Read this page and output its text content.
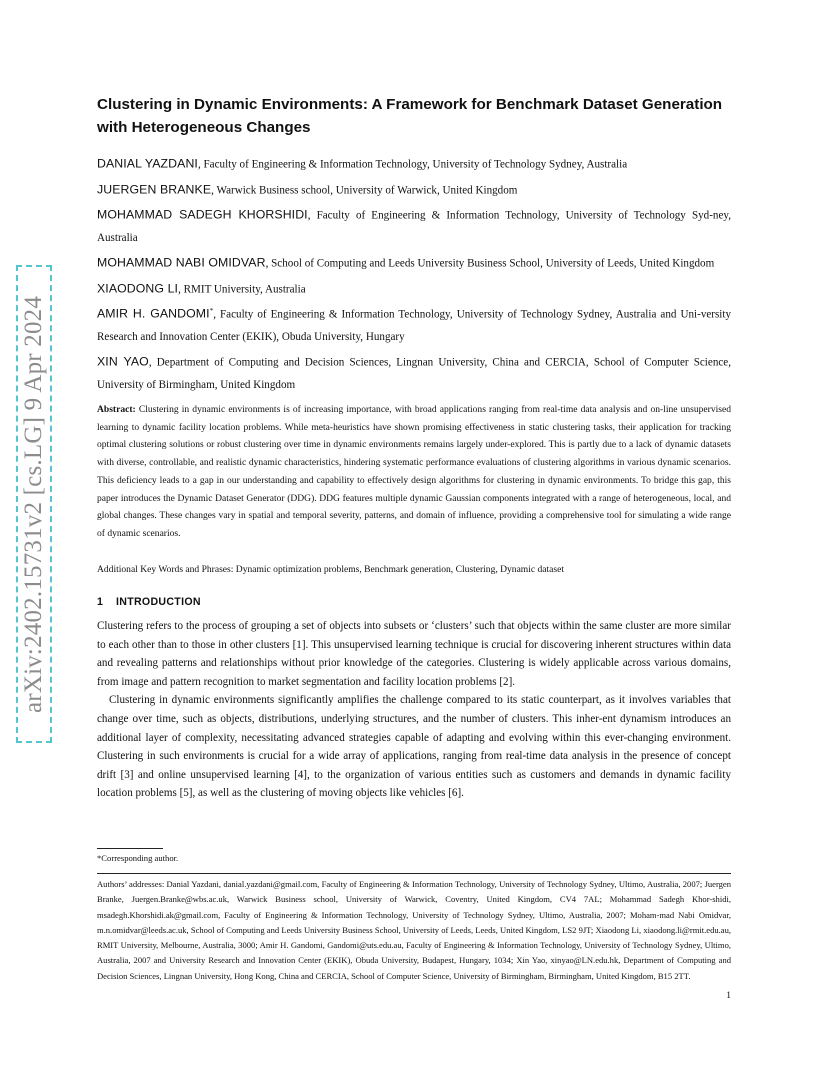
arXiv:2402.15731v2 [cs.LG] 9 Apr 2024
Clustering in Dynamic Environments: A Framework for Benchmark Dataset Generation with Heterogeneous Changes
DANIAL YAZDANI, Faculty of Engineering & Information Technology, University of Technology Sydney, Australia
JUERGEN BRANKE, Warwick Business school, University of Warwick, United Kingdom
MOHAMMAD SADEGH KHORSHIDI, Faculty of Engineering & Information Technology, University of Technology Syd-ney, Australia
MOHAMMAD NABI OMIDVAR, School of Computing and Leeds University Business School, University of Leeds, United Kingdom
XIAODONG LI, RMIT University, Australia
AMIR H. GANDOMI*, Faculty of Engineering & Information Technology, University of Technology Sydney, Australia and Uni-versity Research and Innovation Center (EKIK), Obuda University, Hungary
XIN YAO, Department of Computing and Decision Sciences, Lingnan University, China and CERCIA, School of Computer Science, University of Birmingham, United Kingdom
Abstract: Clustering in dynamic environments is of increasing importance, with broad applications ranging from real-time data analysis and on-line unsupervised learning to dynamic facility location problems. While meta-heuristics have shown promising effectiveness in static clustering tasks, their application for tracking optimal clustering solutions or robust clustering over time in dynamic environments remains largely under-explored. This is partly due to a lack of dynamic datasets with diverse, controllable, and realistic dynamic characteristics, hindering systematic performance evaluations of clustering algorithms in various dynamic scenarios. This deficiency leads to a gap in our understanding and capability to effectively design algorithms for clustering in dynamic environments. To bridge this gap, this paper introduces the Dynamic Dataset Generator (DDG). DDG features multiple dynamic Gaussian components integrated with a range of heterogeneous, local, and global changes. These changes vary in spatial and temporal severity, patterns, and domain of influence, providing a comprehensive tool for simulating a wide range of dynamic scenarios.
Additional Key Words and Phrases: Dynamic optimization problems, Benchmark generation, Clustering, Dynamic dataset
1 INTRODUCTION

Clustering refers to the process of grouping a set of objects into subsets or ‘clusters’ such that objects within the same cluster are more similar to each other than to those in other clusters [1]. This unsupervised learning technique is crucial for discovering inherent structures within data and revealing patterns and relationships without prior knowledge of the categories. Clustering is widely applicable across various domains, from image and pattern recognition to market segmentation and facility location problems [2].

Clustering in dynamic environments significantly amplifies the challenge compared to its static counterpart, as it involves variables that change over time, such as objects, distributions, underlying structures, and the number of clusters. This inher-ent dynamism introduces an additional layer of complexity, necessitating advanced strategies capable of adapting and evolving within this ever-changing environment. Clustering in such environments is crucial for a wide array of applications, ranging from real-time data analysis in the presence of concept drift [3] and online unsupervised learning [4], to the organization of various entities such as customers and demands in dynamic facility location problems [5], as well as the clustering of moving objects like vehicles [6].

*Corresponding author.
Authors’ addresses: Danial Yazdani, danial.yazdani@gmail.com, Faculty of Engineering & Information Technology, University of Technology Sydney, Ultimo, Australia, 2007; Juergen Branke, Juergen.Branke@wbs.ac.uk, Warwick Business school, University of Warwick, Coventry, United Kingdom, CV4 7AL; Mohammad Sadegh Khor-shidi, msadegh.Khorshidi.ak@gmail.com, Faculty of Engineering & Information Technology, University of Technology Sydney, Ultimo, Australia, 2007; Moham-mad Nabi Omidvar, m.n.omidvar@leeds.ac.uk, School of Computing and Leeds University Business School, University of Leeds, Leeds, United Kingdom, LS2 9JT; Xiaodong Li, xiaodong.li@rmit.edu.au, RMIT University, Melbourne, Australia, 3000; Amir H. Gandomi, Gandomi@uts.edu.au, Faculty of Engineering & Information Technology, University of Technology Sydney, Ultimo, Australia, 2007 and University Research and Innovation Center (EKIK), Obuda University, Budapest, Hungary, 1034; Xin Yao, xinyao@LN.edu.hk, Department of Computing and Decision Sciences, Lingnan University, Hong Kong, China and CERCIA, School of Computer Science, University of Birmingham, Birmingham, United Kingdom, B15 2TT.
1
